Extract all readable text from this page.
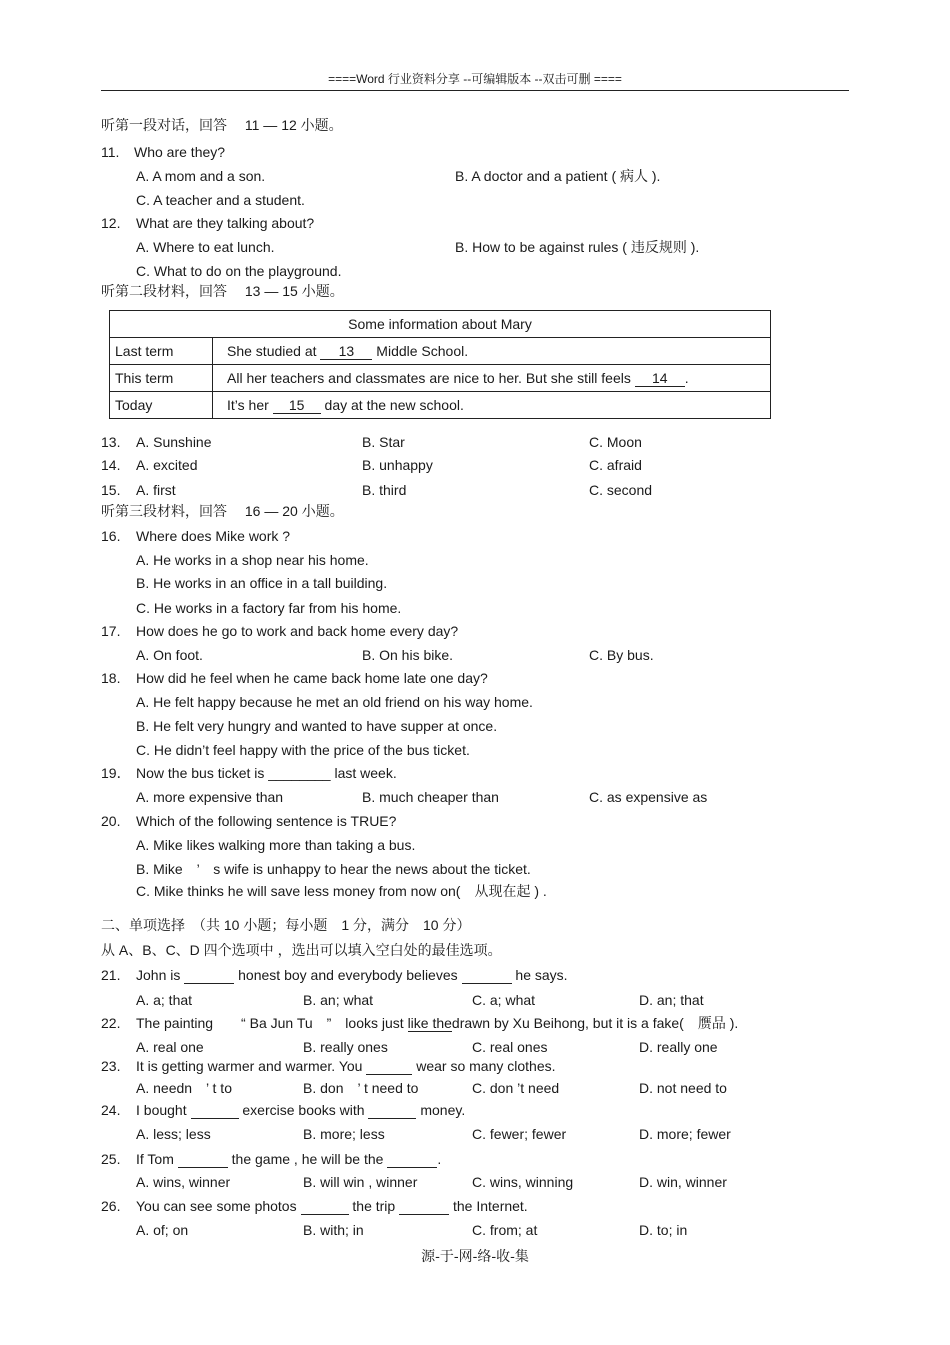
====Word 行业资料分享 --可编辑版本 --双击可删 ====
听第一段对话，回答　 11 — 12 小题。
11. Who are they?
A. A mom and a son.	B. A doctor and a patient ( 病人 ).
C. A teacher and a student.
12. What are they talking about?
A. Where to eat lunch.	B. How to be against rules ( 违反规则 ).
C. What to do on the playground.
听第二段材料，回答　 13 — 15 小题。
Some information about Mary	
Last term	She studied at 13 Middle School.
This term	All her teachers and classmates are nice to her. But she still feels 14 .
Today	It’s her 15 day at the new school.
13. A. Sunshine	B. Star	C. Moon
14. A. excited	B. unhappy	C. afraid
15. A. first	B. third	C. second
听第三段材料，回答　 16 — 20 小题。
16. Where does Mike work ?
A. He works in a shop near his home.
B. He works in an office in a tall building.
C. He works in a factory far from his home.
17. How does he go to work and back home every day?
A. On foot.	B. On his bike.	C. By bus.
18. How did he feel when he came back home late one day?
A. He felt happy because he met an old friend on his way home.
B. He felt very hungry and wanted to have supper at once.
C. He didn’t feel happy with the price of the bus ticket.
19． Now the bus ticket is ________ last week.
A. more expensive than	B. much cheaper than	C. as expensive as
20. Which of the following sentence is TRUE?
A. Mike likes walking more than taking a bus.
B. Mike　’　s wife is unhappy to hear the news about the ticket.
C. Mike thinks he will save less money from now on(　从现在起 ) .
二、单项选择　（共 10 小题；每小题　1 分，满分　10 分）
从 A、B、C、D 四个选项中 ，选出可以填入空白处的最佳选项。
21. John is	honest boy and everybody believes	he says.
A. a; that	B. an; what	C. a; what	D. an; that
22. The painting　　“ Ba Jun Tu　”　looks just like thedrawn by Xu Beihong, but it is a fake(　赝品 ).
A. real one	B. really ones	C. real ones	D. really one
23. It is getting warmer and warmer. You	wear so many clothes.
A. needn　’ t to	B. don　’ t need to	C. don ’t need	D. not need to
24. I bought	exercise books with	money.
A. less; less	B. more; less	C. fewer; fewer	D. more; fewer
25. If Tom	the game , he will be the	.
A. wins, winner	B. will win , winner	C. wins, winning	D. win, winner
26. You can see some photos	the trip	the Internet.
A. of; on	B. with; in	C. from; at	D. to; in
源-于-网-络-收-集
